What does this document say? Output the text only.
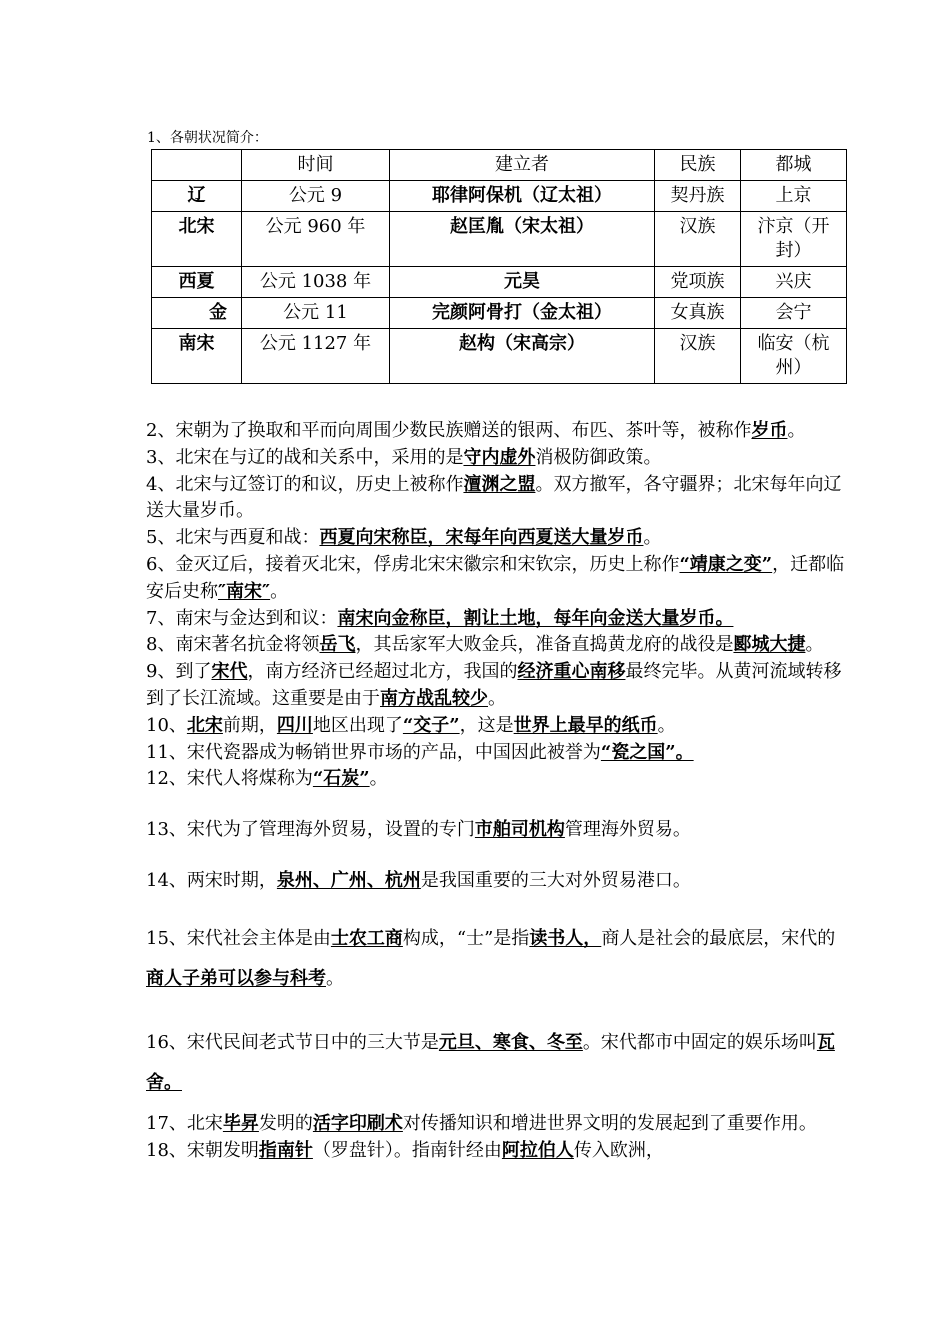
1、各朝状况简介：
	时间	建立者	民族	都城
辽	公元 9	耶律阿保机（辽太祖）	契丹族	上京
北宋	公元 960 年	赵匡胤（宋太祖）	汉族	汴京（开封）
西夏	公元 1038 年	元昊	党项族	兴庆
金	公元 11	完颜阿骨打（金太祖）	女真族	会宁
南宋	公元 1127 年	赵构（宋高宗）	汉族	临安（杭州）

2、宋朝为了换取和平而向周围少数民族赠送的银两、布匹、茶叶等，被称作岁币。

3、北宋在与辽的战和关系中，采用的是守内虚外消极防御政策。

4、北宋与辽签订的和议，历史上被称作澶渊之盟。双方撤军，各守疆界；北宋每年向辽送大量岁币。

5、北宋与西夏和战：西夏向宋称臣，宋每年向西夏送大量岁币。

6、金灭辽后，接着灭北宋，俘虏北宋宋徽宗和宋钦宗，历史上称作“靖康之变”，迁都临安后史称″南宋″。

7、南宋与金达到和议：南宋向金称臣，割让土地，每年向金送大量岁币。

8、南宋著名抗金将领岳飞，其岳家军大败金兵，准备直捣黄龙府的战役是郾城大捷。

9、到了宋代，南方经济已经超过北方，我国的经济重心南移最终完毕。从黄河流域转移到了长江流域。这重要是由于南方战乱较少。

10、北宋前期，四川地区出现了“交子”，这是世界上最早的纸币。

11、宋代瓷器成为畅销世界市场的产品，中国因此被誉为“瓷之国”。

12、宋代人将煤称为“石炭”。

13、宋代为了管理海外贸易，设置的专门市舶司机构管理海外贸易。

14、两宋时期，泉州、广州、杭州是我国重要的三大对外贸易港口。

15、宋代社会主体是由士农工商构成，“士”是指读书人，商人是社会的最底层，宋代的商人子弟可以参与科考。

16、宋代民间老式节日中的三大节是元旦、寒食、冬至。宋代都市中固定的娱乐场叫瓦舍。

17、北宋毕昇发明的活字印刷术对传播知识和增进世界文明的发展起到了重要作用。

18、宋朝发明指南针（罗盘针）。指南针经由阿拉伯人传入欧洲，
